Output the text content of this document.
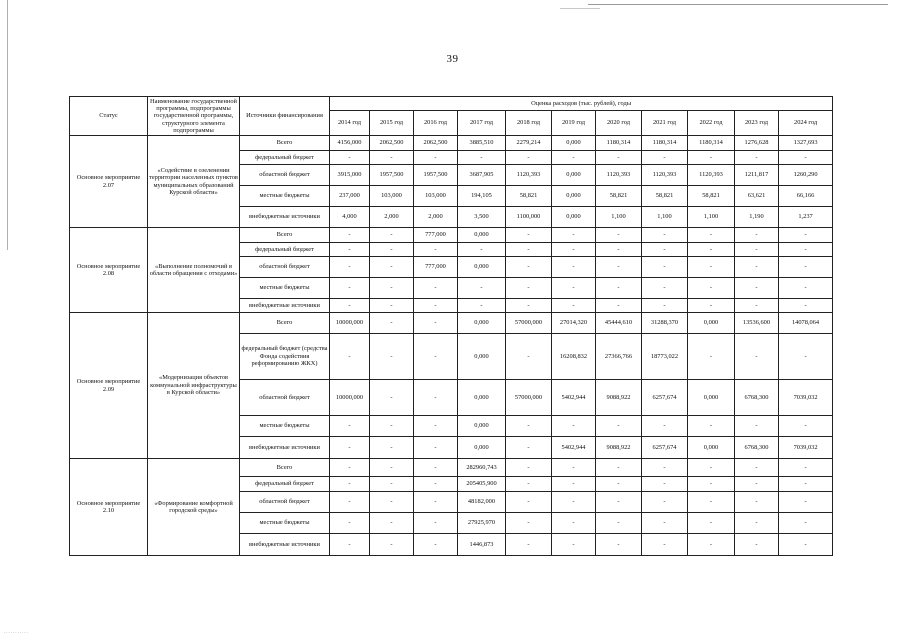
39
Статус	Наименование государственной программы, подпрограммы государственной программы, структурного элемента подпрограммы	Источники финансирования	Оценка расходов (тыс. рублей), годы										
			2014 год	2015 год	2016 год	2017 год	2018 год	2019 год	2020 год	2021 год	2022 год	2023 год	2024 год
Основное мероприятие 2.07	«Содействие в озеленении территории населенных пунктов муниципальных образований Курской области»	Всего	4156,000	2062,500	2062,500	3885,510	2279,214	0,000	1180,314	1180,314	1180,314	1276,628	1327,693
		федеральный бюджет	-	-	-	-	-	-	-	-	-	-	-
		областной бюджет	3915,000	1957,500	1957,500	3687,905	1120,393	0,000	1120,393	1120,393	1120,393	1211,817	1260,290
		местные бюджеты	237,000	103,000	103,000	194,105	58,821	0,000	58,821	58,821	58,821	63,621	66,166
		внебюджетные источники	4,000	2,000	2,000	3,500	1100,000	0,000	1,100	1,100	1,100	1,190	1,237
Основное мероприятие 2.08	«Выполнение полномочий в области обращения с отходами»	Всего	-	-	777,000	0,000	-	-	-	-	-	-	-
		федеральный бюджет	-	-	-	-	-	-	-	-	-	-	-
		областной бюджет	-	-	777,000	0,000	-	-	-	-	-	-	-
		местные бюджеты	-	-	-	-	-	-	-	-	-	-	-
		внебюджетные источники	-	-	-	-	-	-	-	-	-	-	-
Основное мероприятие 2.09	«Модернизация объектов коммунальной инфраструктуры в Курской области»	Всего	10000,000	-	-	0,000	57000,000	27014,320	45444,610	31288,370	0,000	13536,600	14078,064
		федеральный бюджет (средства Фонда содействия реформированию ЖКХ)	-	-	-	0,000	-	16208,832	27366,766	18773,022	-	-	-
		областной бюджет	10000,000	-	-	0,000	57000,000	5402,944	9088,922	6257,674	0,000	6768,300	7039,032
		местные бюджеты	-	-	-	0,000	-	-	-	-	-	-	-
		внебюджетные источники	-	-	-	0,000	-	5402,944	9088,922	6257,674	0,000	6768,300	7039,032
Основное мероприятие 2.10	«Формирование комфортной городской среды»	Всего	-	-	-	282960,743	-	-	-	-	-	-	-
		федеральный бюджет	-	-	-	205405,900	-	-	-	-	-	-	-
		областной бюджет	-	-	-	48182,000	-	-	-	-	-	-	-
		местные бюджеты	-	-	-	27925,970	-	-	-	-	-	-	-
		внебюджетные источники	-	-	-	1446,873	-	-	-	-	-	-	-
...........
